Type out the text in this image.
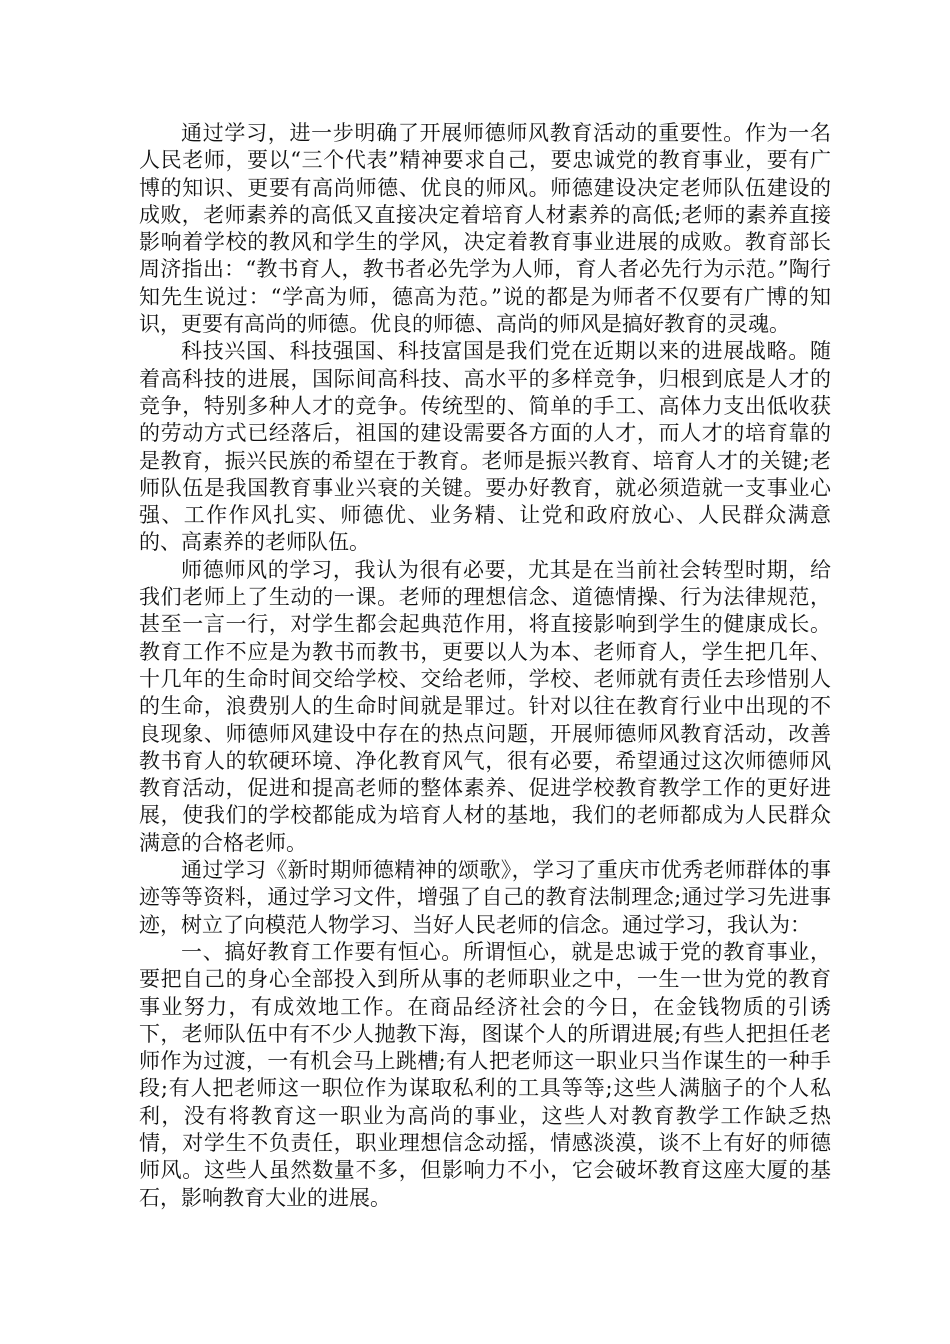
通过学习，进一步明确了开展师德师风教育活动的重要性。作为一名人民老师，要以“三个代表”精神要求自己，要忠诚党的教育事业，要有广博的知识、更要有高尚师德、优良的师风。师德建设决定老师队伍建设的成败，老师素养的高低又直接决定着培育人材素养的高低;老师的素养直接影响着学校的教风和学生的学风，决定着教育事业进展的成败。教育部长周济指出：“教书育人，教书者必先学为人师，育人者必先行为示范。”陶行知先生说过：“学高为师，德高为范。”说的都是为师者不仅要有广博的知识，更要有高尚的师德。优良的师德、高尚的师风是搞好教育的灵魂。

科技兴国、科技强国、科技富国是我们党在近期以来的进展战略。随着高科技的进展，国际间高科技、高水平的多样竞争，归根到底是人才的竞争，特别多种人才的竞争。传统型的、简单的手工、高体力支出低收获的劳动方式已经落后，祖国的建设需要各方面的人才，而人才的培育靠的是教育，振兴民族的希望在于教育。老师是振兴教育、培育人才的关键;老师队伍是我国教育事业兴衰的关键。要办好教育，就必须造就一支事业心强、工作作风扎实、师德优、业务精、让党和政府放心、人民群众满意的、高素养的老师队伍。

师德师风的学习，我认为很有必要，尤其是在当前社会转型时期，给我们老师上了生动的一课。老师的理想信念、道德情操、行为法律规范，甚至一言一行，对学生都会起典范作用，将直接影响到学生的健康成长。教育工作不应是为教书而教书，更要以人为本、老师育人，学生把几年、十几年的生命时间交给学校、交给老师，学校、老师就有责任去珍惜别人的生命，浪费别人的生命时间就是罪过。针对以往在教育行业中出现的不良现象、师德师风建设中存在的热点问题，开展师德师风教育活动，改善教书育人的软硬环境、净化教育风气，很有必要，希望通过这次师德师风教育活动，促进和提高老师的整体素养、促进学校教育教学工作的更好进展，使我们的学校都能成为培育人材的基地，我们的老师都成为人民群众满意的合格老师。

通过学习《新时期师德精神的颂歌》，学习了重庆市优秀老师群体的事迹等等资料，通过学习文件，增强了自己的教育法制理念;通过学习先进事迹，树立了向模范人物学习、当好人民老师的信念。通过学习，我认为：

一、搞好教育工作要有恒心。所谓恒心，就是忠诚于党的教育事业，要把自己的身心全部投入到所从事的老师职业之中，一生一世为党的教育事业努力，有成效地工作。在商品经济社会的今日，在金钱物质的引诱下，老师队伍中有不少人抛教下海，图谋个人的所谓进展;有些人把担任老师作为过渡，一有机会马上跳槽;有人把老师这一职业只当作谋生的一种手段;有人把老师这一职位作为谋取私利的工具等等;这些人满脑子的个人私利，没有将教育这一职业为高尚的事业，这些人对教育教学工作缺乏热情，对学生不负责任，职业理想信念动摇，情感淡漠，谈不上有好的师德师风。这些人虽然数量不多，但影响力不小，它会破坏教育这座大厦的基石，影响教育大业的进展。
